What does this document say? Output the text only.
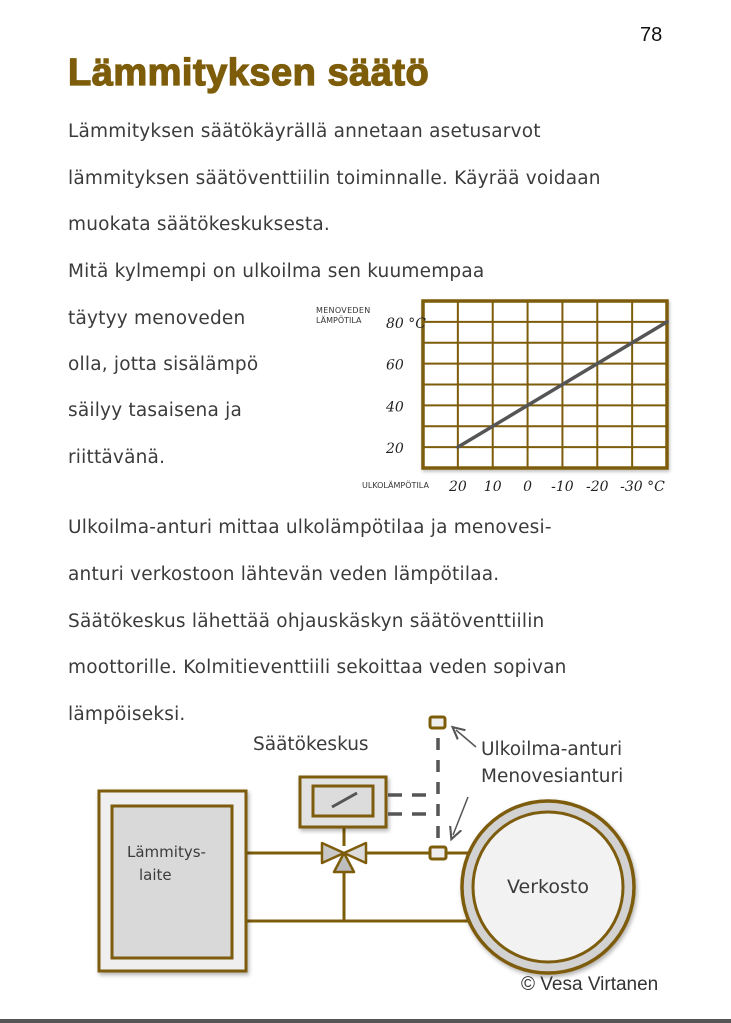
78
Lämmityksen säätö
Lämmityksen säätökäyrällä annetaan asetusarvot
lämmityksen säätöventtiilin toiminnalle. Käyrää voidaan
muokata säätökeskuksesta.
Mitä kylmempi on ulkoilma sen kuumempaa
täytyy menoveden
olla, jotta sisälämpö
säilyy tasaisena ja
riittävänä.
MENOVEDEN
LÄMPÖTILA 80 °C
60
40
20
ULKOLÄMPÖTILA 20 10 0 -10 -20 -30 °C
Ulkoilma-anturi mittaa ulkolämpötilaa ja menovesi-
anturi verkostoon lähtevän veden lämpötilaa.
Säätökeskus lähettää ohjauskäskyn säätöventtiilin
moottorille. Kolmitieventtiili sekoittaa veden sopivan
lämpöiseksi.
Lämmitys-
laite
Säätökeskus	Ulkoilma-anturi
Menovesianturi
Verkosto
© Vesa Virtanen
